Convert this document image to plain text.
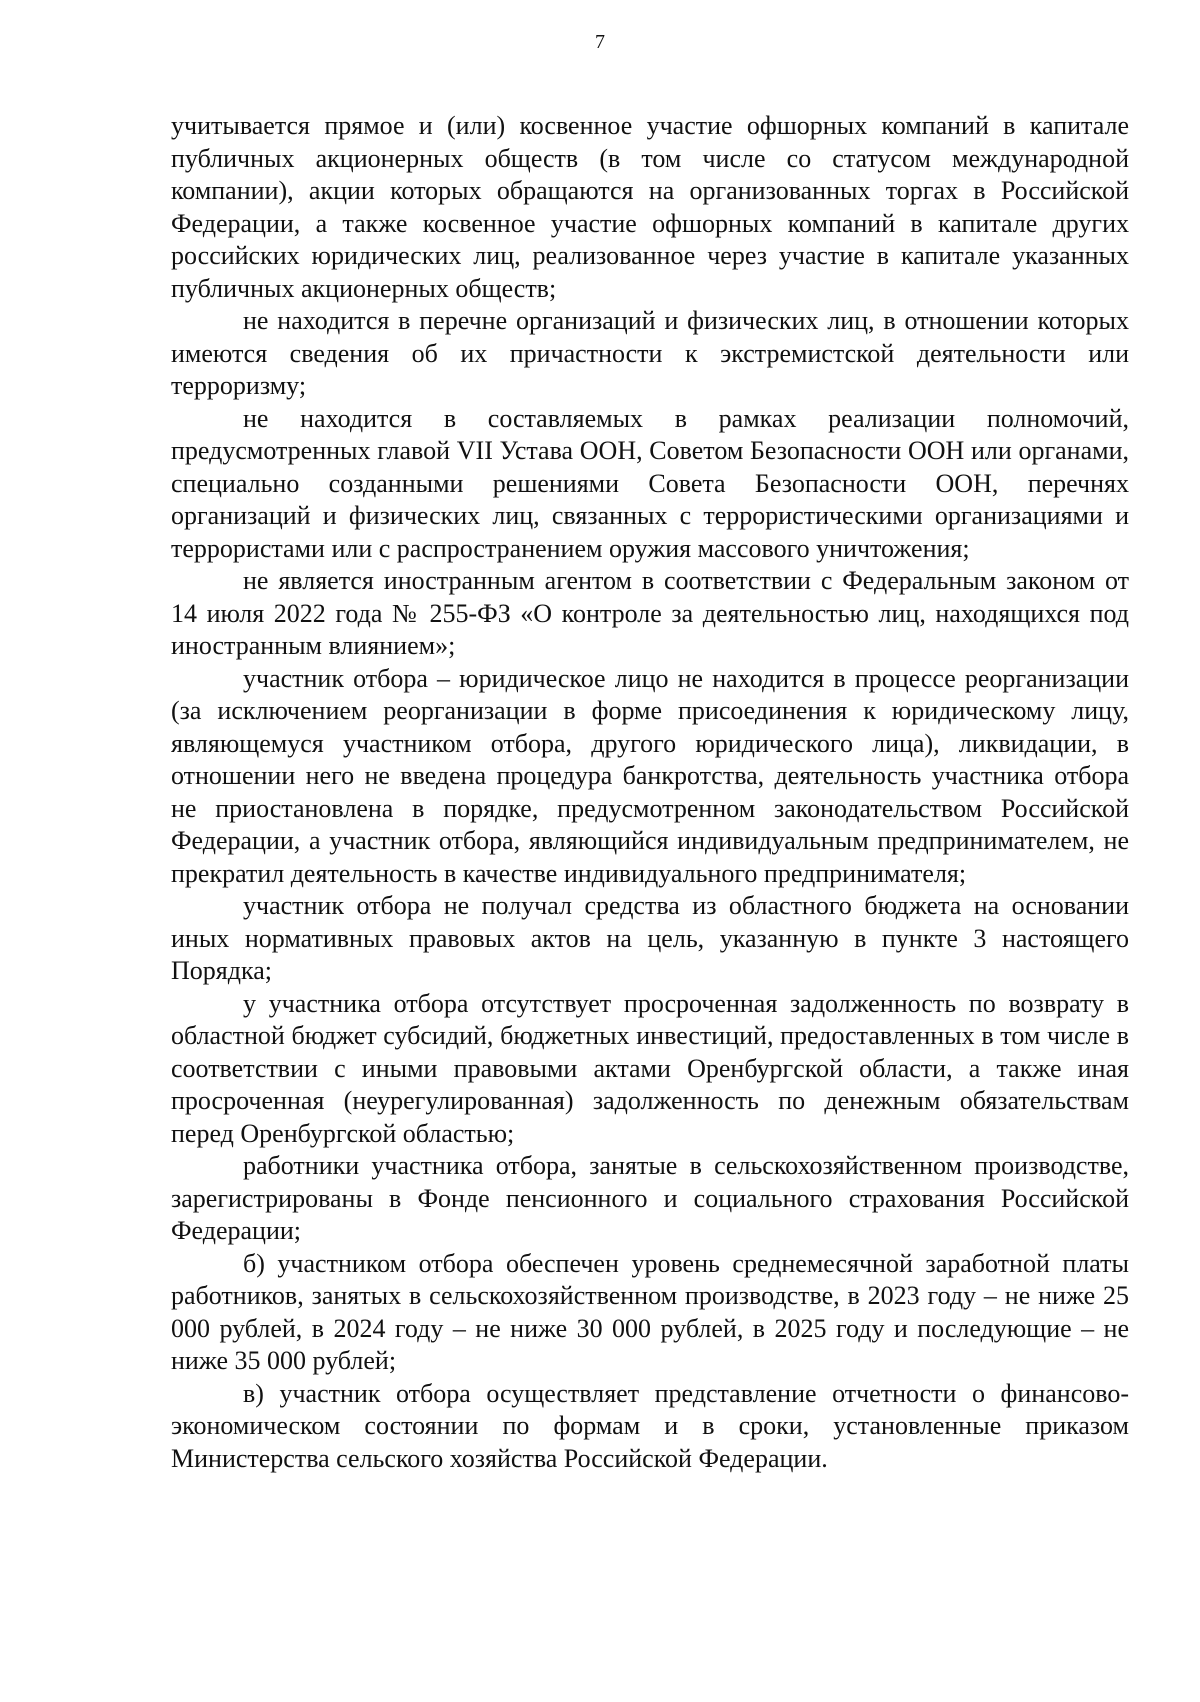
7

учитывается прямое и (или) косвенное участие офшорных компаний в капитале публичных акционерных обществ (в том числе со статусом международной компании), акции которых обращаются на организованных торгах в Российской Федерации, а также косвенное участие офшорных компаний в капитале других российских юридических лиц, реализованное через участие в капитале указанных публичных акционерных обществ;

не находится в перечне организаций и физических лиц, в отношении которых имеются сведения об их причастности к экстремистской деятельности или терроризму;

не находится в составляемых в рамках реализации полномочий, предусмотренных главой VII Устава ООН, Советом Безопасности ООН или органами, специально созданными решениями Совета Безопасности ООН, перечнях организаций и физических лиц, связанных с террористическими организациями и террористами или с распространением оружия массового уничтожения;

не является иностранным агентом в соответствии с Федеральным законом от 14 июля 2022 года № 255-ФЗ «О контроле за деятельностью лиц, находящихся под иностранным влиянием»;

участник отбора – юридическое лицо не находится в процессе реорганизации (за исключением реорганизации в форме присоединения к юридическому лицу, являющемуся участником отбора, другого юридического лица), ликвидации, в отношении него не введена процедура банкротства, деятельность участника отбора не приостановлена в порядке, предусмотренном законодательством Российской Федерации, а участник отбора, являющийся индивидуальным предпринимателем, не прекратил деятельность в качестве индивидуального предпринимателя;

участник отбора не получал средства из областного бюджета на основании иных нормативных правовых актов на цель, указанную в пункте 3 настоящего Порядка;

у участника отбора отсутствует просроченная задолженность по возврату в областной бюджет субсидий, бюджетных инвестиций, предоставленных в том числе в соответствии с иными правовыми актами Оренбургской области, а также иная просроченная (неурегулированная) задолженность по денежным обязательствам перед Оренбургской областью;

работники участника отбора, занятые в сельскохозяйственном производстве, зарегистрированы в Фонде пенсионного и социального страхования Российской Федерации;

б) участником отбора обеспечен уровень среднемесячной заработной платы работников, занятых в сельскохозяйственном производстве, в 2023 году – не ниже 25 000 рублей, в 2024 году – не ниже 30 000 рублей, в 2025 году и последующие – не ниже 35 000 рублей;

в) участник отбора осуществляет представление отчетности о финансово-экономическом состоянии по формам и в сроки, установленные приказом Министерства сельского хозяйства Российской Федерации.
